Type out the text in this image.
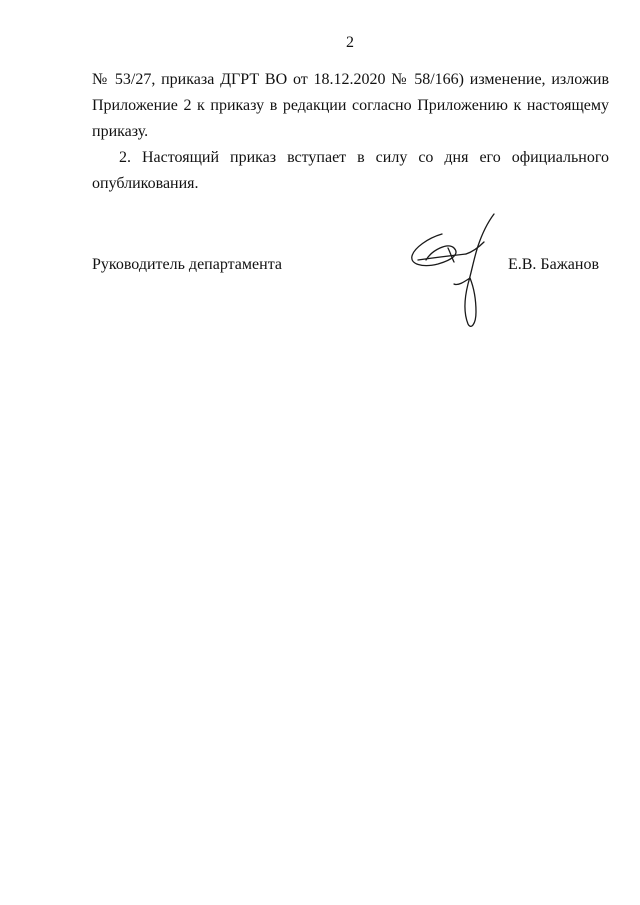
2
№ 53/27, приказа ДГРТ ВО от 18.12.2020 № 58/166) изменение, изложив Приложение 2 к приказу в редакции согласно Приложению к настоящему приказу.
2. Настоящий приказ вступает в силу со дня его официального опубликования.
Руководитель департамента	Е.В. Бажанов
